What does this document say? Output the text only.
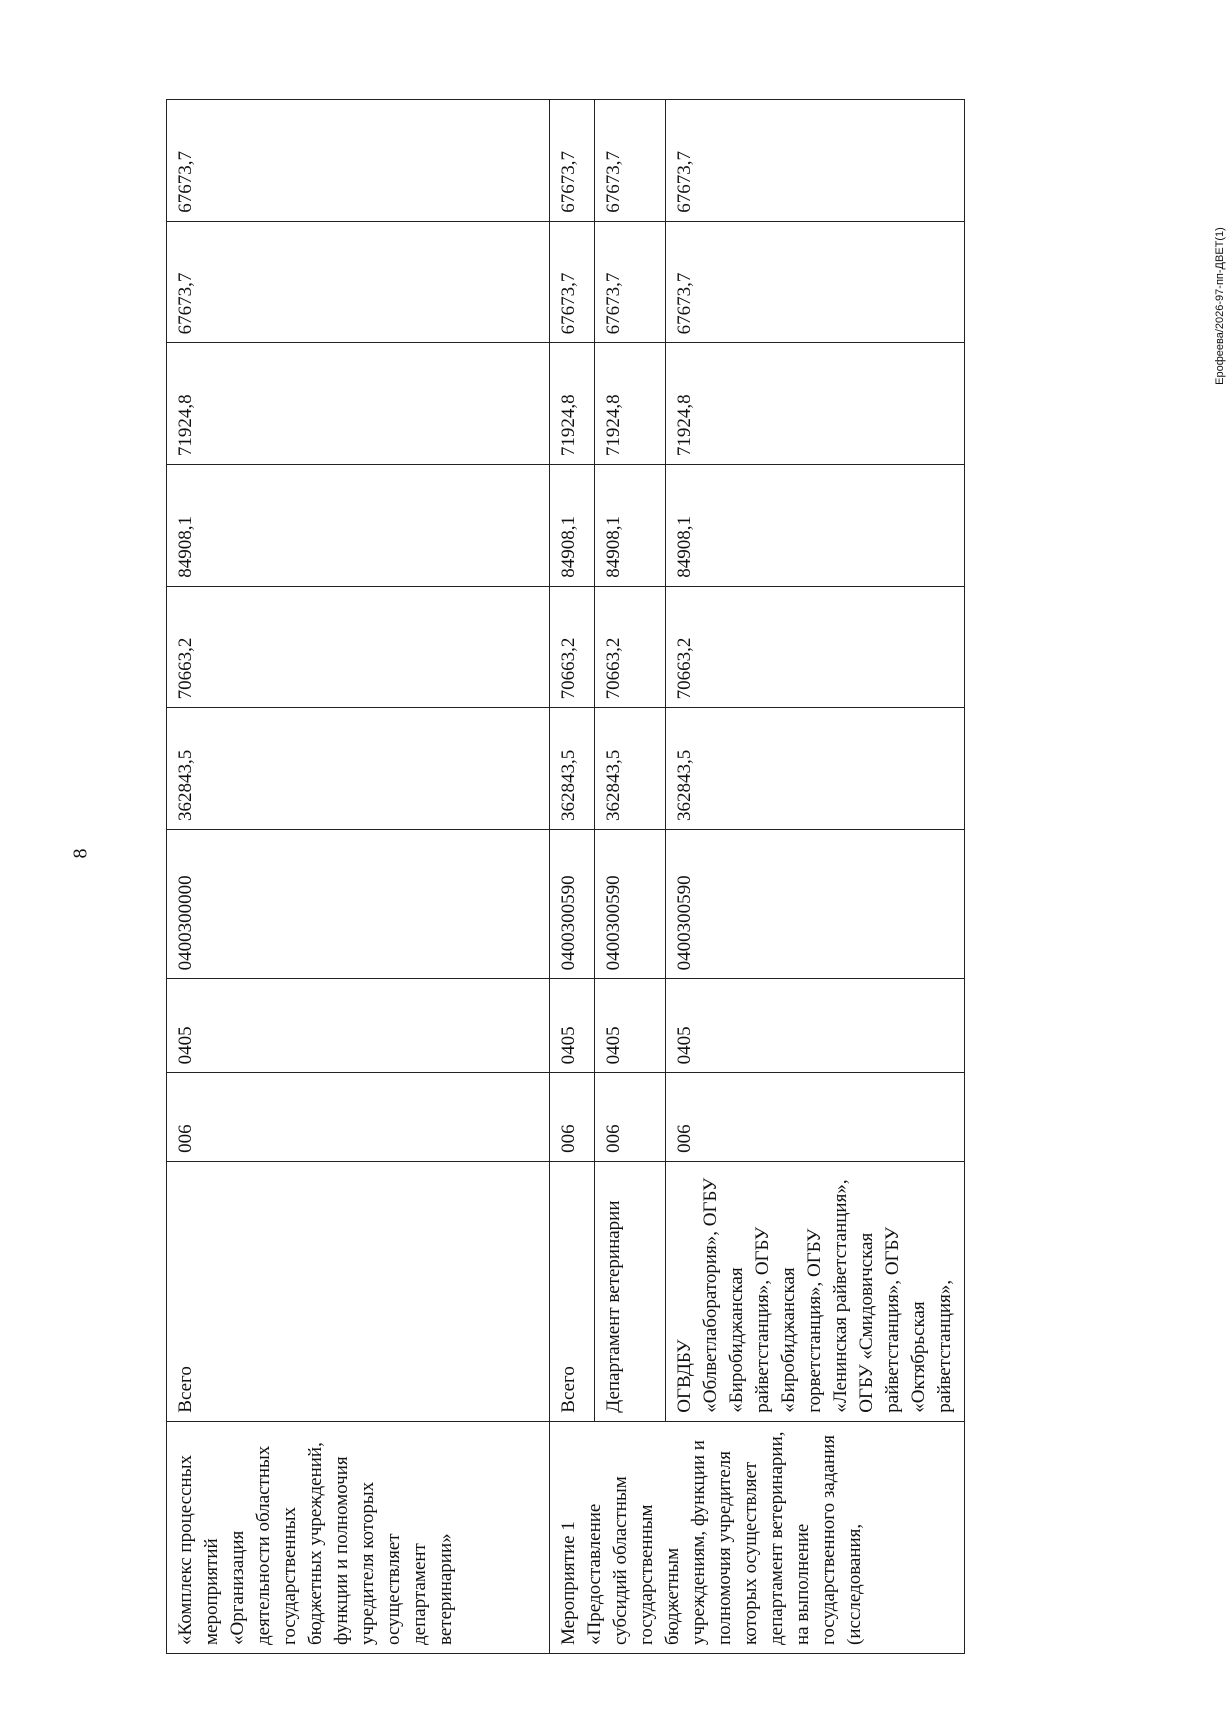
8
Ерофеева/2026-97-пп-ДВЕТ(1)
«Комплекс процессных мероприятий «Организация деятельности областных государственных бюджетных учреждений, функции и полномочия учредителя которых осуществляет департамент ветеринарии»	Всего	006	0405	0400300000	362843,5	70663,2	84908,1	71924,8	67673,7	67673,7
Мероприятие 1 «Предоставление субсидий областным государственным бюджетным учреждениям, функции и полномочия учредителя которых осуществляет департамент ветеринарии, на выполнение государственного задания (исследования,	Всего	006	0405	0400300590	362843,5	70663,2	84908,1	71924,8	67673,7	67673,7
	Департамент ветеринарии	006	0405	0400300590	362843,5	70663,2	84908,1	71924,8	67673,7	67673,7
	ОГВДБУ «Облветлаборатория», ОГБУ «Биробиджанская райветстанция», ОГБУ «Биробиджанская горветстанция», ОГБУ «Ленинская райветстанция», ОГБУ «Смидовичская райветстанция», ОГБУ «Октябрьская райветстанция»,	006	0405	0400300590	362843,5	70663,2	84908,1	71924,8	67673,7	67673,7
